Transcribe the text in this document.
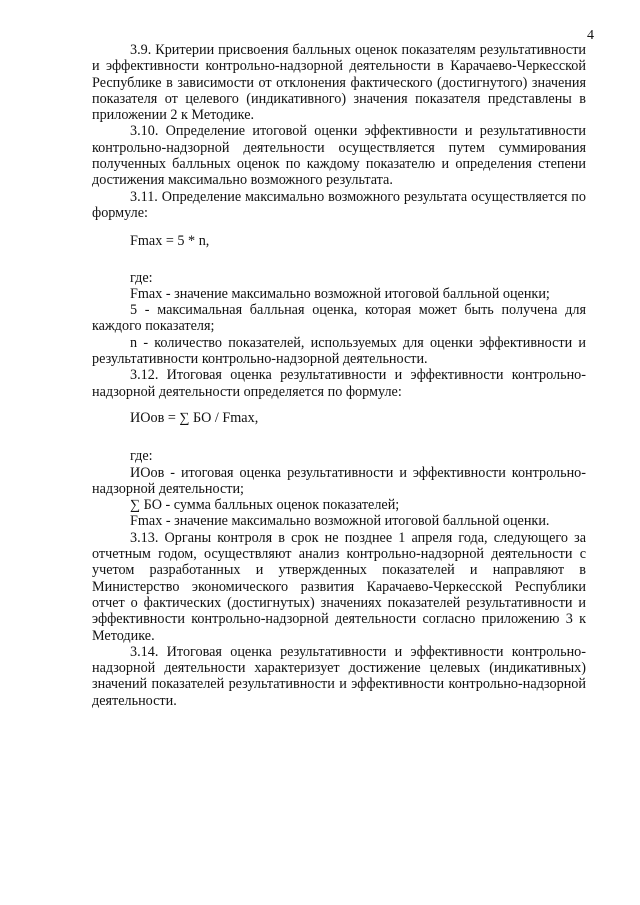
4

3.9. Критерии присвоения балльных оценок показателям результативности и эффективности контрольно-надзорной деятельности в Карачаево-Черкесской Республике в зависимости от отклонения фактического (достигнутого) значения показателя от целевого (индикативного) значения показателя представлены в приложении 2 к Методике.

3.10. Определение итоговой оценки эффективности и результативности контрольно-надзорной деятельности осуществляется путем суммирования полученных балльных оценок по каждому показателю и определения степени достижения максимально возможного результата.

3.11. Определение максимально возможного результата осуществляется по формуле:

Fmax = 5 * n,

где:

Fmax - значение максимально возможной итоговой балльной оценки;

5 - максимальная балльная оценка, которая может быть получена для каждого показателя;

n - количество показателей, используемых для оценки эффективности и результативности контрольно-надзорной деятельности.

3.12. Итоговая оценка результативности и эффективности контрольно-надзорной деятельности определяется по формуле:

ИОов = ∑ БО / Fmax,

где:

ИОов - итоговая оценка результативности и эффективности контрольно-надзорной деятельности;

∑ БО - сумма балльных оценок показателей;

Fmax - значение максимально возможной итоговой балльной оценки.

3.13. Органы контроля в срок не позднее 1 апреля года, следующего за отчетным годом, осуществляют анализ контрольно-надзорной деятельности с учетом разработанных и утвержденных показателей и направляют в Министерство экономического развития Карачаево-Черкесской Республики отчет о фактических (достигнутых) значениях показателей результативности и эффективности контрольно-надзорной деятельности согласно приложению 3 к Методике.

3.14. Итоговая оценка результативности и эффективности контрольно-надзорной деятельности характеризует достижение целевых (индикативных) значений показателей результативности и эффективности контрольно-надзорной деятельности.
